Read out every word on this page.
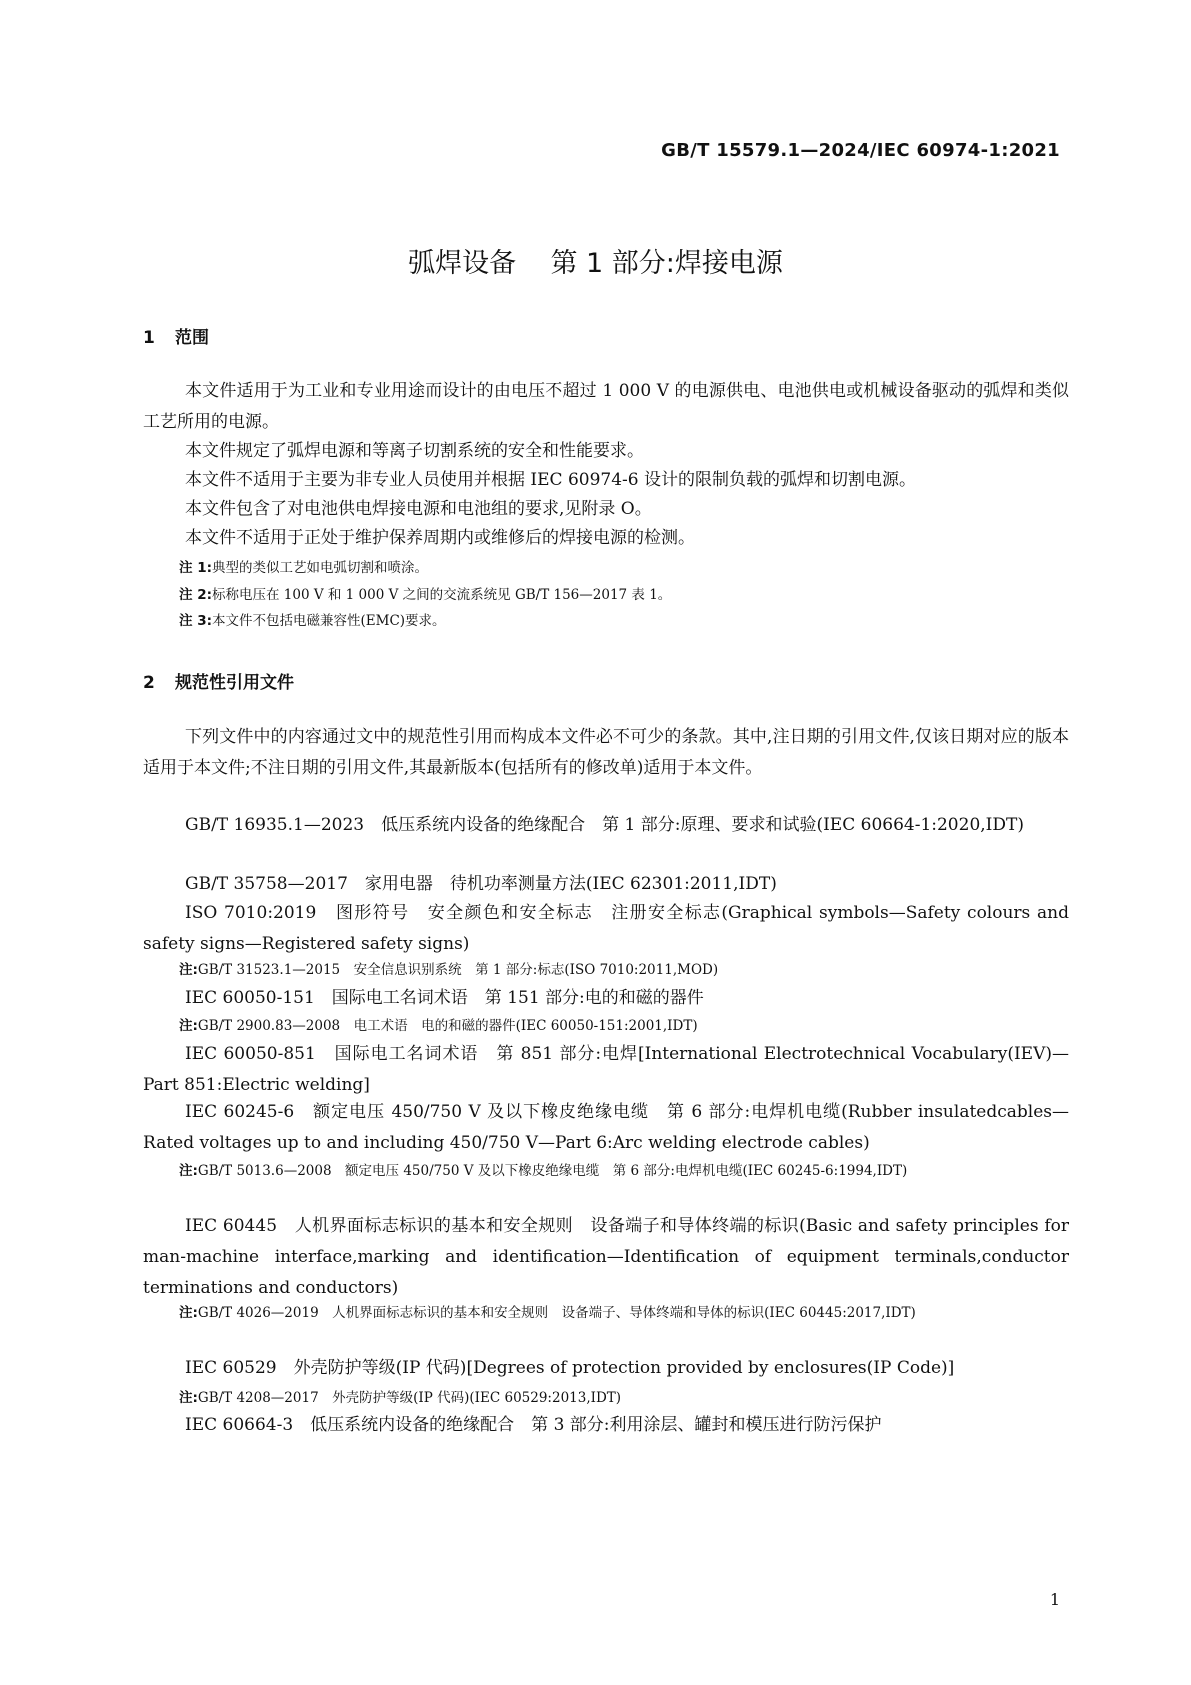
GB/T 15579.1—2024/IEC 60974-1:2021
弧焊设备    第 1 部分:焊接电源
1 范围
本文件适用于为工业和专业用途而设计的由电压不超过 1 000 V 的电源供电、电池供电或机械设备驱动的弧焊和类似工艺所用的电源。
本文件规定了弧焊电源和等离子切割系统的安全和性能要求。
本文件不适用于主要为非专业人员使用并根据 IEC 60974-6 设计的限制负载的弧焊和切割电源。
本文件包含了对电池供电焊接电源和电池组的要求,见附录 O。
本文件不适用于正处于维护保养周期内或维修后的焊接电源的检测。
注 1:典型的类似工艺如电弧切割和喷涂。
注 2:标称电压在 100 V 和 1 000 V 之间的交流系统见 GB/T 156—2017 表 1。
注 3:本文件不包括电磁兼容性(EMC)要求。
2 规范性引用文件
下列文件中的内容通过文中的规范性引用而构成本文件必不可少的条款。其中,注日期的引用文件,仅该日期对应的版本适用于本文件;不注日期的引用文件,其最新版本(包括所有的修改单)适用于本文件。
GB/T 16935.1—2023　低压系统内设备的绝缘配合　第 1 部分:原理、要求和试验(IEC 60664-1:2020,IDT)
GB/T 35758—2017　家用电器　待机功率测量方法(IEC 62301:2011,IDT)
ISO 7010:2019　图形符号　安全颜色和安全标志　注册安全标志(Graphical symbols—Safety colours and safety signs—Registered safety signs)
注:GB/T 31523.1—2015　安全信息识别系统　第 1 部分:标志(ISO 7010:2011,MOD)
IEC 60050-151　国际电工名词术语　第 151 部分:电的和磁的器件
注:GB/T 2900.83—2008　电工术语　电的和磁的器件(IEC 60050-151:2001,IDT)
IEC 60050-851　国际电工名词术语　第 851 部分:电焊[International Electrotechnical Vocabulary(IEV)—Part 851:Electric welding]
IEC 60245-6　额定电压 450/750 V 及以下橡皮绝缘电缆　第 6 部分:电焊机电缆(Rubber insulatedcables—Rated voltages up to and including 450/750 V—Part 6:Arc welding electrode cables)
注:GB/T 5013.6—2008　额定电压 450/750 V 及以下橡皮绝缘电缆　第 6 部分:电焊机电缆(IEC 60245-6:1994,IDT)
IEC 60445　人机界面标志标识的基本和安全规则　设备端子和导体终端的标识(Basic and safety principles for man-machine interface,marking and identification—Identification of equipment terminals,conductor terminations and conductors)
注:GB/T 4026—2019　人机界面标志标识的基本和安全规则　设备端子、导体终端和导体的标识(IEC 60445:2017,IDT)
IEC 60529　外壳防护等级(IP 代码)[Degrees of protection provided by enclosures(IP Code)]
注:GB/T 4208—2017　外壳防护等级(IP 代码)(IEC 60529:2013,IDT)
IEC 60664-3　低压系统内设备的绝缘配合　第 3 部分:利用涂层、罐封和模压进行防污保护
1
